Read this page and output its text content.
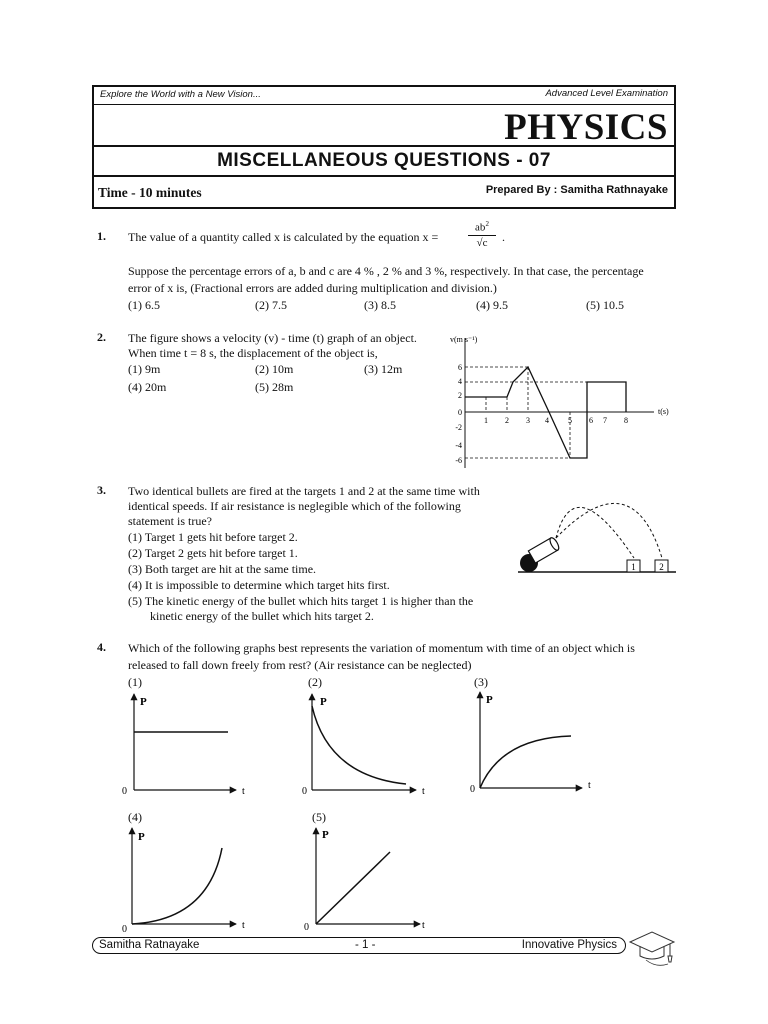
Explore the World with a New Vision...	Advanced Level Examination
PHYSICS
MISCELLANEOUS QUESTIONS - 07
Time - 10 minutes	Prepared By : Samitha Rathnayake
1. The value of a quantity called x is calculated by the equation x =
$ab^2$
√c	.
Suppose the percentage errors of a, b and c are 4 % , 2 % and 3 %, respectively. In that case, the percentage
error of x is, (Fractional errors are added during multiplication and division.)
(1) 6.5	(2) 7.5	(3) 8.5	(4) 9.5	(5) 10.5
2. The figure shows a velocity (v) - time (t) graph of an object.
When time t = 8 s, the displacement of the object is,
(1) 9m	(2) 10m	(3) 12m
(4) 20m	(5) 28m
v(m s⁻¹)
t(s)
6
4
2
0
-2
-4
-6
1 2 3 4 5 6 7 8
3. Two identical bullets are fired at the targets 1 and 2 at the same time with
identical speeds. If air resistance is neglegible which of the following
statement is true?
(1) Target 1 gets hit before target 2.
(2) Target 2 gets hit before target 1.
(3) Both target are hit at the same time.
(4) It is impossible to determine which target hits first.
(5) The kinetic energy of the bullet which hits target 1 is higher than the
kinetic energy of the bullet which hits target 2.
1	2
4. Which of the following graphs best represents the variation of momentum with time of an object which is
released to fall down freely from rest? (Air resistance can be neglected)
(1)	(2)	(3)
(4)	(5)
P
0	t
P
0	t
P
0	t
P
0	t
P
0	t
Samitha Ratnayake	- 1 -	Innovative Physics
